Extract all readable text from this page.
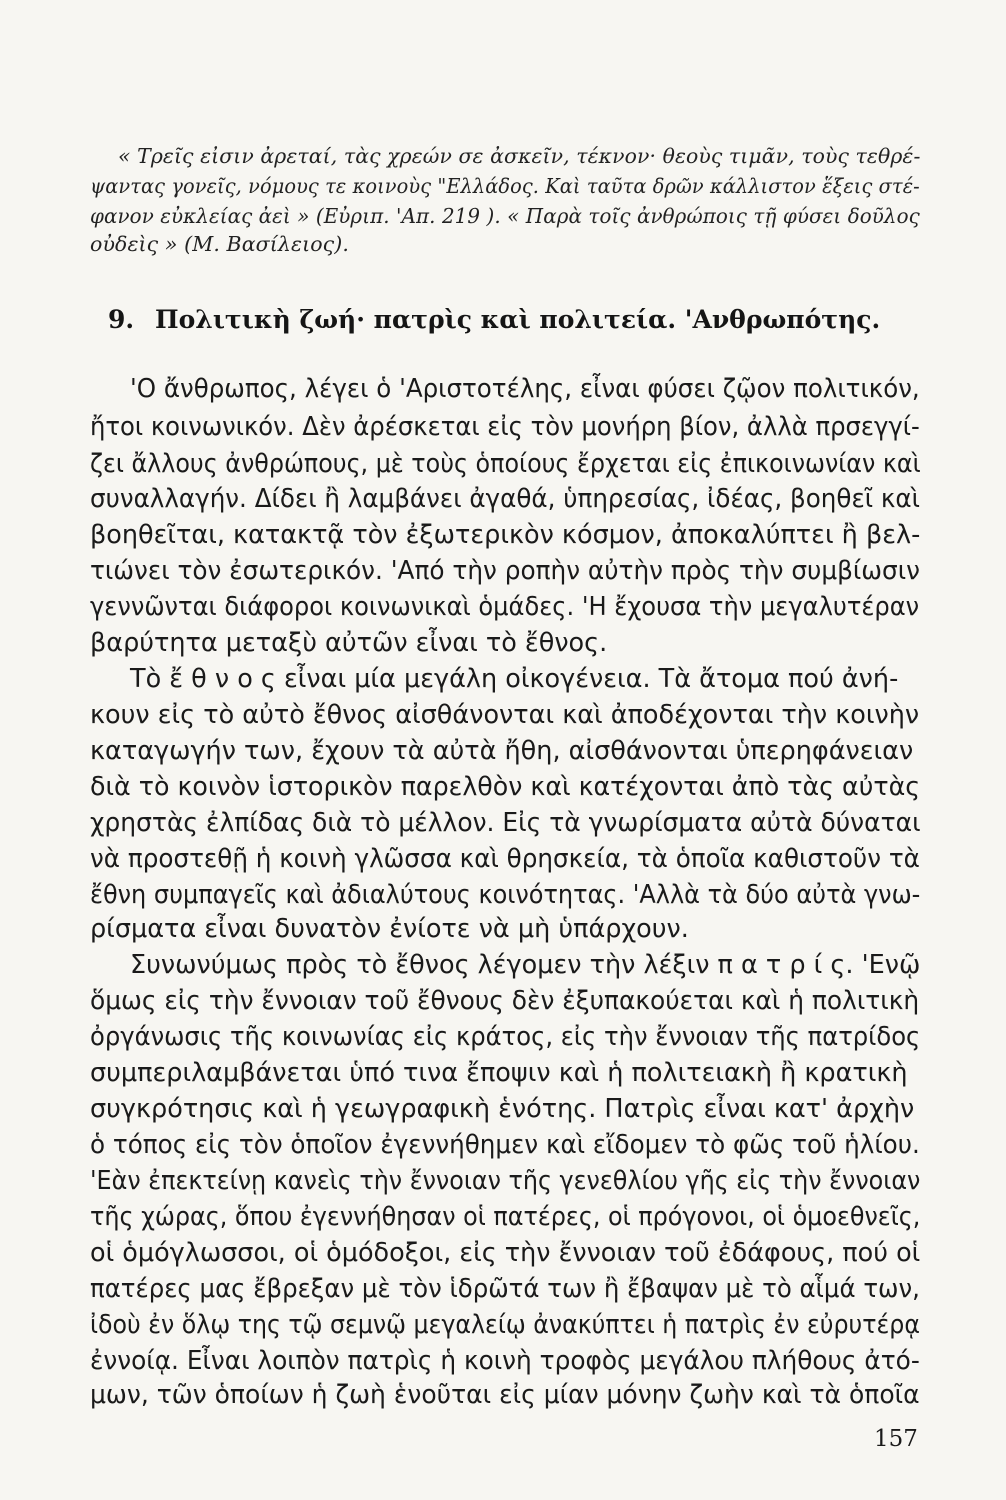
« Τρεῖς εἰσιν ἀρεταί, τὰς χρεών σε ἀσκεῖν, τέκνον· θεοὺς τιμᾶν, τοὺς τεθρέ-

ψαντας γονεῖς, νόμους τε κοινοὺς "Ελλάδος. Καὶ ταῦτα δρῶν κάλλιστον ἕξεις στέ-

φανον εὐκλείας ἀεὶ » (Εὐριπ. 'Απ. 219 ). « Παρὰ τοῖς ἀνθρώποις τῇ φύσει δοῦλος

οὐδεὶς » (Μ. Βασίλειος).

9. Πολιτικὴ ζωή· πατρὶς καὶ πολιτεία. 'Ανθρωπότης.

'Ο ἄνθρωπος, λέγει ὁ 'Αριστοτέλης, εἶναι φύσει ζῷον πολιτικόν,

ἤτοι κοινωνικόν. Δὲν ἀρέσκεται εἰς τὸν μονήρη βίον, ἀλλὰ πρσεγγί-

ζει ἄλλους ἀνθρώπους, μὲ τοὺς ὁποίους ἔρχεται εἰς ἐπικοινωνίαν καὶ

συναλλαγήν. Δίδει ἢ λαμβάνει ἀγαθά, ὑπηρεσίας, ἰδέας, βοηθεῖ καὶ

βοηθεῖται, κατακτᾷ τὸν ἐξωτερικὸν κόσμον, ἀποκαλύπτει ἢ βελ-

τιώνει τὸν ἐσωτερικόν. 'Από τὴν ροπὴν αὐτὴν πρὸς τὴν συμβίωσιν

γεννῶνται διάφοροι κοινωνικαὶ ὁμάδες. 'Η ἔχουσα τὴν μεγαλυτέραν

βαρύτητα μεταξὺ αὐτῶν εἶναι τὸ ἔθνος.

Τὸ ἔ θ ν ο ς εἶναι μία μεγάλη οἰκογένεια. Τὰ ἄτομα πού ἀνή-

κουν εἰς τὸ αὐτὸ ἔθνος αἰσθάνονται καὶ ἀποδέχονται τὴν κοινὴν

καταγωγήν των, ἔχουν τὰ αὐτὰ ἤθη, αἰσθάνονται ὑπερηφάνειαν

διὰ τὸ κοινὸν ἱστορικὸν παρελθὸν καὶ κατέχονται ἀπὸ τὰς αὐτὰς

χρηστὰς ἐλπίδας διὰ τὸ μέλλον. Εἰς τὰ γνωρίσματα αὐτὰ δύναται

νὰ προστεθῇ ἡ κοινὴ γλῶσσα καὶ θρησκεία, τὰ ὁποῖα καθιστοῦν τὰ

ἔθνη συμπαγεῖς καὶ ἀδιαλύτους κοινότητας. 'Αλλὰ τὰ δύο αὐτὰ γνω-

ρίσματα εἶναι δυνατὸν ἐνίοτε νὰ μὴ ὑπάρχουν.

Συνωνύμως πρὸς τὸ ἔθνος λέγομεν τὴν λέξιν π α τ ρ ί ς. 'Ενῷ

ὅμως εἰς τὴν ἔννοιαν τοῦ ἔθνους δὲν ἐξυπακούεται καὶ ἡ πολιτικὴ

ὀργάνωσις τῆς κοινωνίας εἰς κράτος, εἰς τὴν ἔννοιαν τῆς πατρίδος

συμπεριλαμβάνεται ὑπό τινα ἔποψιν καὶ ἡ πολιτειακὴ ἢ κρατικὴ

συγκρότησις καὶ ἡ γεωγραφικὴ ἑνότης. Πατρὶς εἶναι κατ' ἀρχὴν

ὁ τόπος εἰς τὸν ὁποῖον ἐγεννήθημεν καὶ εἴδομεν τὸ φῶς τοῦ ἡλίου.

'Εὰν ἐπεκτείνῃ κανεὶς τὴν ἔννοιαν τῆς γενεθλίου γῆς εἰς τὴν ἔννοιαν

τῆς χώρας, ὅπου ἐγεννήθησαν οἱ πατέρες, οἱ πρόγονοι, οἱ ὁμοεθνεῖς,

οἱ ὁμόγλωσσοι, οἱ ὁμόδοξοι, εἰς τὴν ἔννοιαν τοῦ ἐδάφους, πού οἱ

πατέρες μας ἔβρεξαν μὲ τὸν ἱδρῶτά των ἢ ἔβαψαν μὲ τὸ αἷμά των,

ἰδοὺ ἐν ὅλῳ της τῷ σεμνῷ μεγαλείῳ ἀνακύπτει ἡ πατρὶς ἐν εὐρυτέρᾳ

ἐννοίᾳ. Εἶναι λοιπὸν πατρὶς ἡ κοινὴ τροφὸς μεγάλου πλήθους ἀτό-

μων, τῶν ὁποίων ἡ ζωὴ ἑνοῦται εἰς μίαν μόνην ζωὴν καὶ τὰ ὁποῖα

157
